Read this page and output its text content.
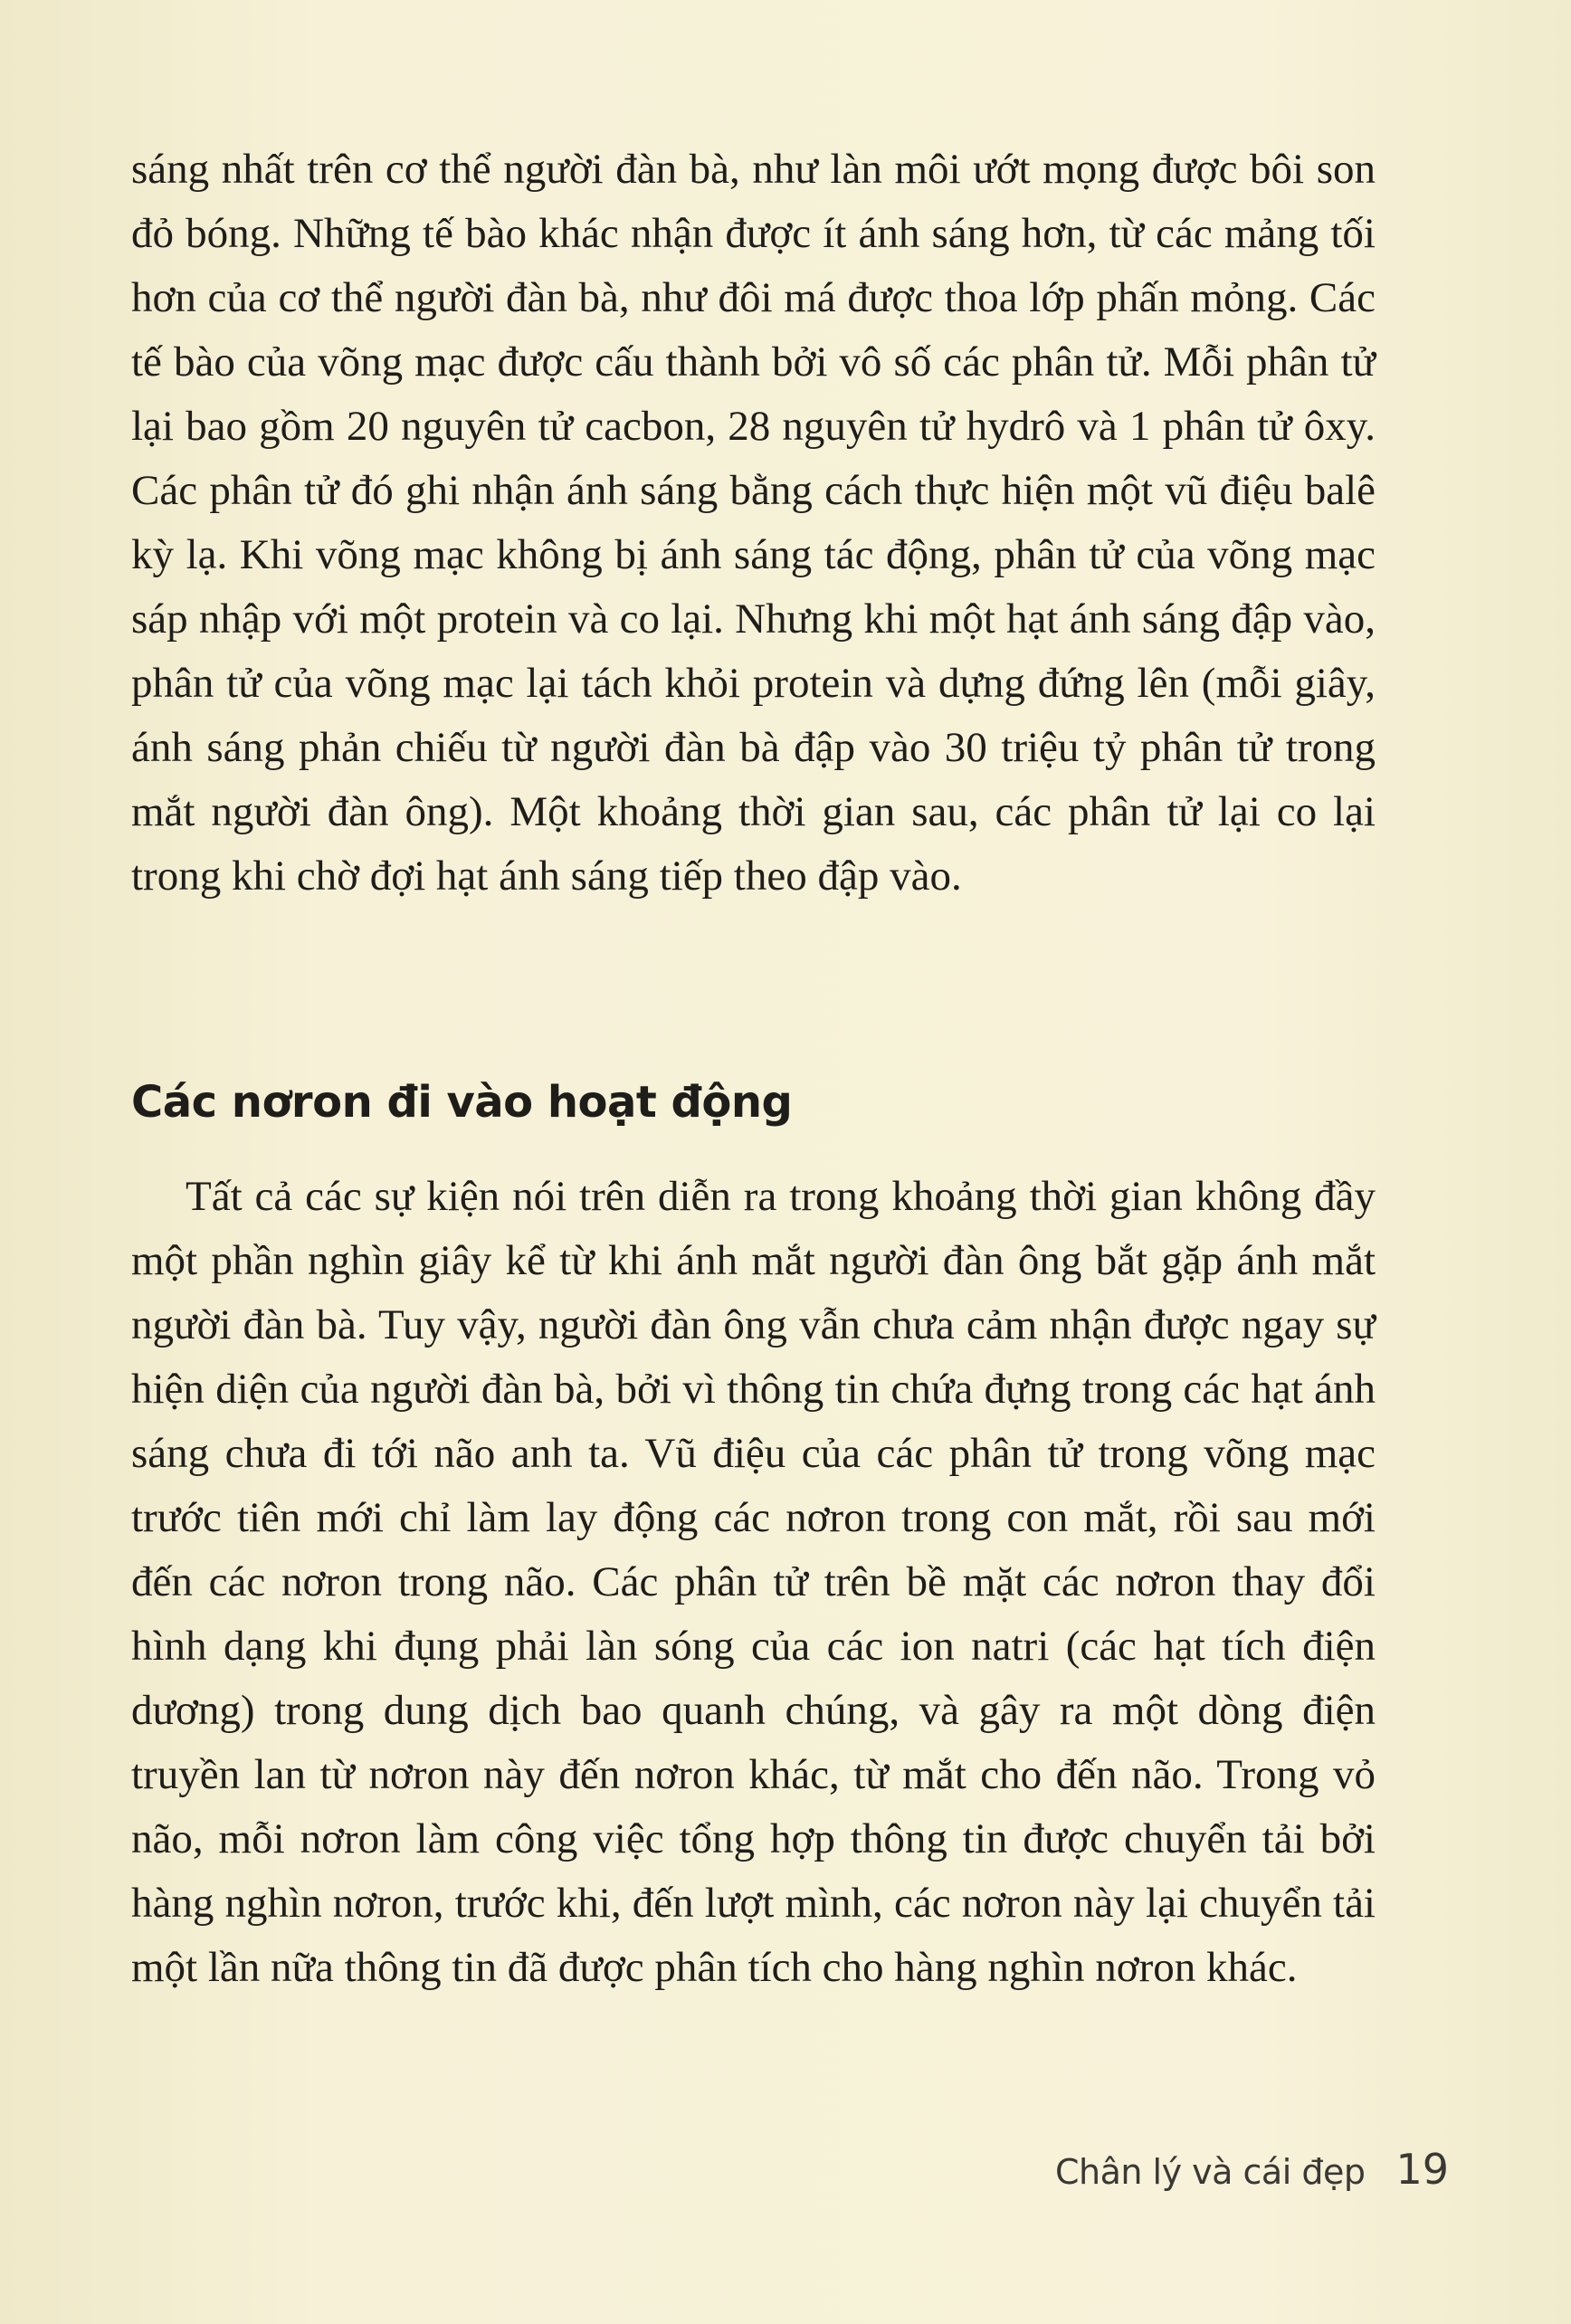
sáng nhất trên cơ thể người đàn bà, như làn môi ướt mọng được bôi son đỏ bóng. Những tế bào khác nhận được ít ánh sáng hơn, từ các mảng tối hơn của cơ thể người đàn bà, như đôi má được thoa lớp phấn mỏng. Các tế bào của võng mạc được cấu thành bởi vô số các phân tử. Mỗi phân tử lại bao gồm 20 nguyên tử cacbon, 28 nguyên tử hydrô và 1 phân tử ôxy. Các phân tử đó ghi nhận ánh sáng bằng cách thực hiện một vũ điệu balê kỳ lạ. Khi võng mạc không bị ánh sáng tác động, phân tử của võng mạc sáp nhập với một protein và co lại. Nhưng khi một hạt ánh sáng đập vào, phân tử của võng mạc lại tách khỏi protein và dựng đứng lên (mỗi giây, ánh sáng phản chiếu từ người đàn bà đập vào 30 triệu tỷ phân tử trong mắt người đàn ông). Một khoảng thời gian sau, các phân tử lại co lại trong khi chờ đợi hạt ánh sáng tiếp theo đập vào.

Các nơron đi vào hoạt động

Tất cả các sự kiện nói trên diễn ra trong khoảng thời gian không đầy một phần nghìn giây kể từ khi ánh mắt người đàn ông bắt gặp ánh mắt người đàn bà. Tuy vậy, người đàn ông vẫn chưa cảm nhận được ngay sự hiện diện của người đàn bà, bởi vì thông tin chứa đựng trong các hạt ánh sáng chưa đi tới não anh ta. Vũ điệu của các phân tử trong võng mạc trước tiên mới chỉ làm lay động các nơron trong con mắt, rồi sau mới đến các nơron trong não. Các phân tử trên bề mặt các nơron thay đổi hình dạng khi đụng phải làn sóng của các ion natri (các hạt tích điện dương) trong dung dịch bao quanh chúng, và gây ra một dòng điện truyền lan từ nơron này đến nơron khác, từ mắt cho đến não. Trong vỏ não, mỗi nơron làm công việc tổng hợp thông tin được chuyển tải bởi hàng nghìn nơron, trước khi, đến lượt mình, các nơron này lại chuyển tải một lần nữa thông tin đã được phân tích cho hàng nghìn nơron khác.

Chân lý và cái đẹp 19
